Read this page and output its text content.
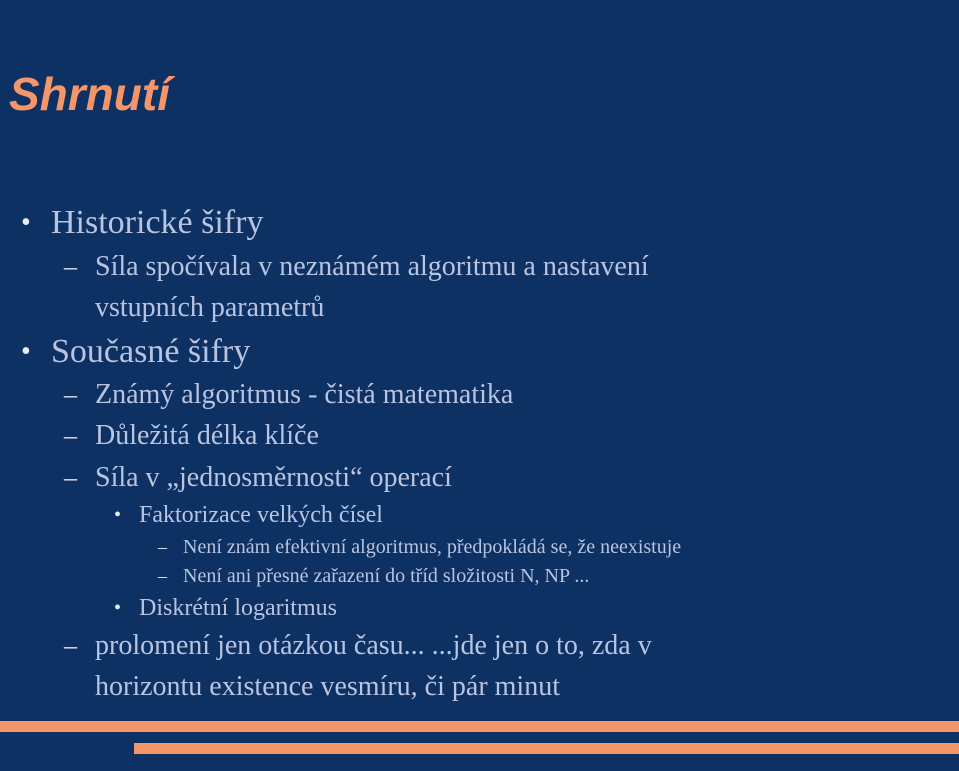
Shrnutí
• Historické šifry
– Síla spočívala v neznámém algoritmu a nastavení
vstupních parametrů
• Současné šifry
– Známý algoritmus - čistá matematika
– Důležitá délka klíče
– Síla v „jednosměrnosti“ operací
• Faktorizace velkých čísel
– Není znám efektivní algoritmus, předpokládá se, že neexistuje
– Není ani přesné zařazení do tříd složitosti N, NP ...
• Diskrétní logaritmus
– prolomení jen otázkou času... ...jde jen o to, zda v
horizontu existence vesmíru, či pár minut
